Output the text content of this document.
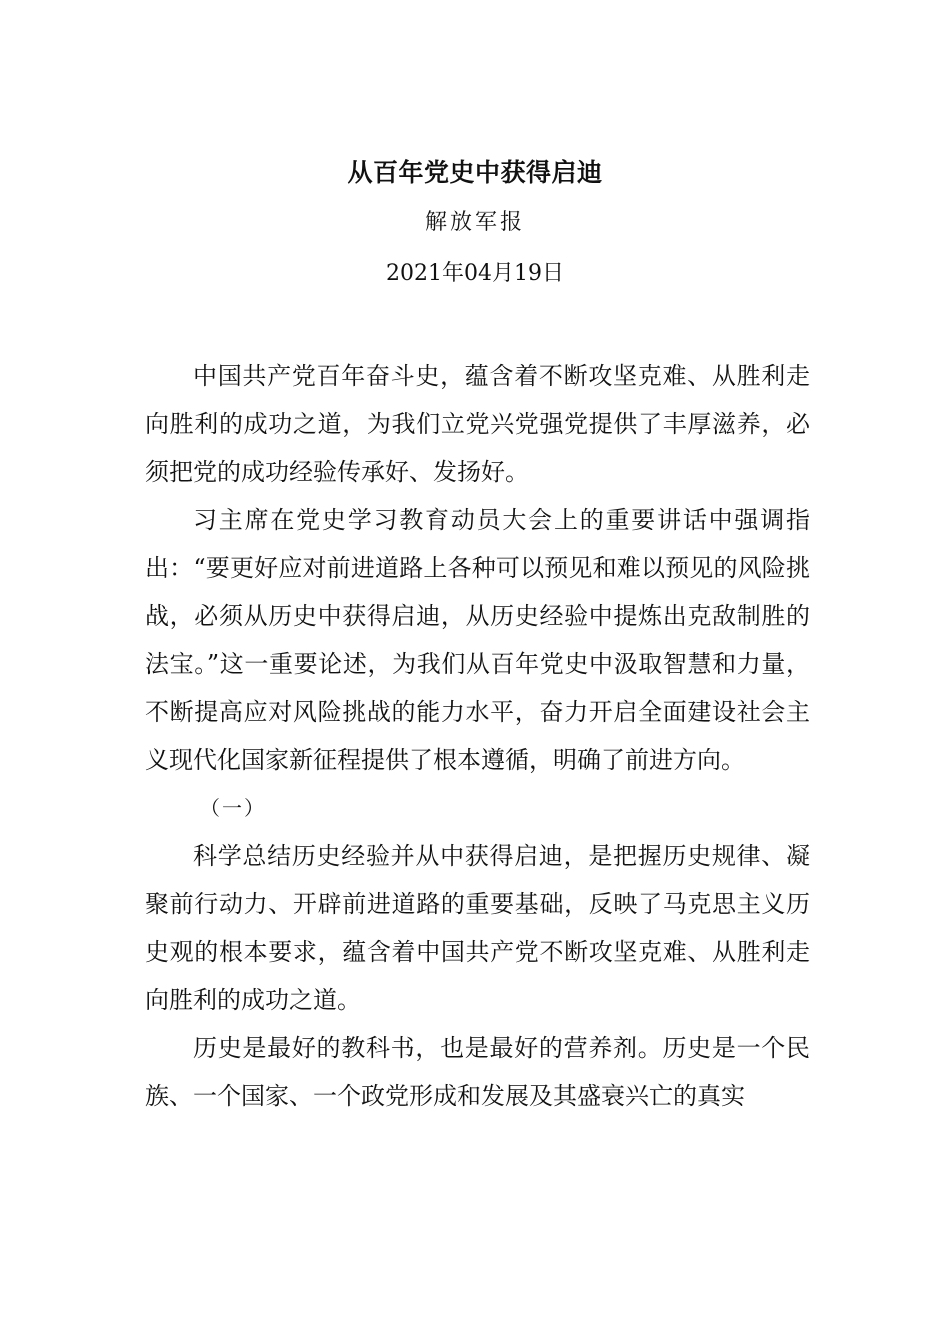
从百年党史中获得启迪
解放军报
2021年04月19日

中国共产党百年奋斗史，蕴含着不断攻坚克难、从胜利走向胜利的成功之道，为我们立党兴党强党提供了丰厚滋养，必须把党的成功经验传承好、发扬好。

习主席在党史学习教育动员大会上的重要讲话中强调指出：“要更好应对前进道路上各种可以预见和难以预见的风险挑战，必须从历史中获得启迪，从历史经验中提炼出克敌制胜的法宝。”这一重要论述，为我们从百年党史中汲取智慧和力量，不断提高应对风险挑战的能力水平，奋力开启全面建设社会主义现代化国家新征程提供了根本遵循，明确了前进方向。

（一）

科学总结历史经验并从中获得启迪，是把握历史规律、凝聚前行动力、开辟前进道路的重要基础，反映了马克思主义历史观的根本要求，蕴含着中国共产党不断攻坚克难、从胜利走向胜利的成功之道。

历史是最好的教科书，也是最好的营养剂。历史是一个民族、一个国家、一个政党形成和发展及其盛衰兴亡的真实
